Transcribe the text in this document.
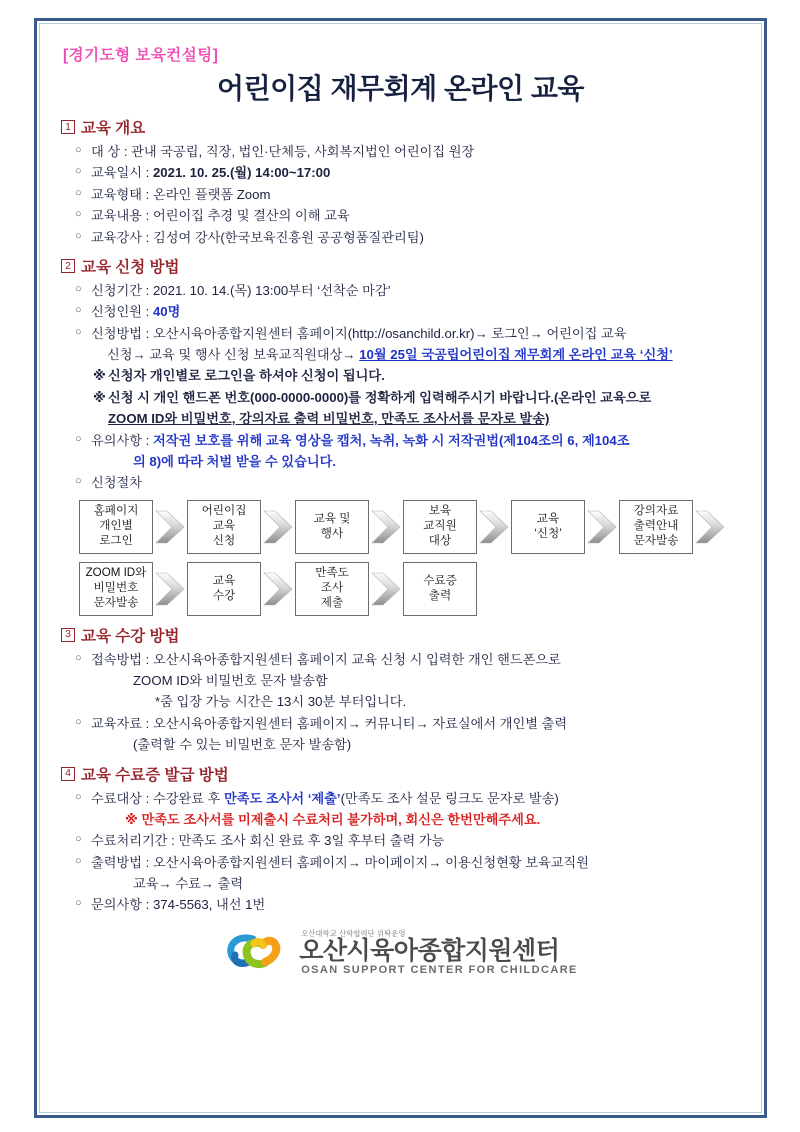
[경기도형 보육컨설팅]
어린이집 재무회계 온라인 교육
1 교육 개요
○ 대 상 : 관내 국공립, 직장, 법인·단체등, 사회복지법인 어린이집 원장
○ 교육일시 : 2021. 10. 25.(월) 14:00~17:00
○ 교육형태 : 온라인 플랫폼 Zoom
○ 교육내용 : 어린이집 추경 및 결산의 이해 교육
○ 교육강사 : 김성여 강사(한국보육진흥원 공공형품질관리팀)
2 교육 신청 방법
○ 신청기간 : 2021. 10. 14.(목) 13:00부터 ‘선착순 마감’
○ 신청인원 : 40명
○ 신청방법 : 오산시육아종합지원센터 홈페이지(http://osanchild.or.kr)→ 로그인→ 어린이집 교육
신청→ 교육 및 행사 신청 보육교직원대상→ 10월 25일 국공립어린이집 재무회계 온라인 교육 ‘신청’
※ 신청자 개인별로 로그인을 하셔야 신청이 됩니다.
※ 신청 시 개인 핸드폰 번호(000-0000-0000)를 정확하게 입력해주시기 바랍니다.(온라인 교육으로
ZOOM ID와 비밀번호, 강의자료 출력 비밀번호, 만족도 조사서를 문자로 발송)
○ 유의사항 : 저작권 보호를 위해 교육 영상을 캡처, 녹취, 녹화 시 저작권법(제104조의 6, 제104조
의 8)에 따라 처벌 받을 수 있습니다.
○ 신청절차
홈페이지
개인별
로그인
어린이집
교육
신청
교육 및
행사
보육
교직원
대상
교육
‘신청’
강의자료
출력안내
문자발송
ZOOM ID와
비밀번호
문자발송
교육
수강
만족도
조사
제출
수료증
출력
3 교육 수강 방법
○ 접속방법 : 오산시육아종합지원센터 홈페이지 교육 신청 시 입력한 개인 핸드폰으로
ZOOM ID와 비밀번호 문자 발송함
*줌 입장 가능 시간은 13시 30분 부터입니다.
○ 교육자료 : 오산시육아종합지원센터 홈페이지→ 커뮤니티→ 자료실에서 개인별 출력
(출력할 수 있는 비밀번호 문자 발송함)
4 교육 수료증 발급 방법
○ 수료대상 : 수강완료 후 만족도 조사서 ‘제출’(만족도 조사 설문 링크도 문자로 발송)
※ 만족도 조사서를 미제출시 수료처리 불가하며, 회신은 한번만해주세요.
○ 수료처리기간 : 만족도 조사 회신 완료 후 3일 후부터 출력 가능
○ 출력방법 : 오산시육아종합지원센터 홈페이지→ 마이페이지→ 이용신청현황 보육교직원
교육→ 수료→ 출력
○ 문의사항 : 374-5563, 내선 1번
오산대학교 산학협력단 위탁운영
오산시육아종합지원센터
OSAN SUPPORT CENTER FOR CHILDCARE
